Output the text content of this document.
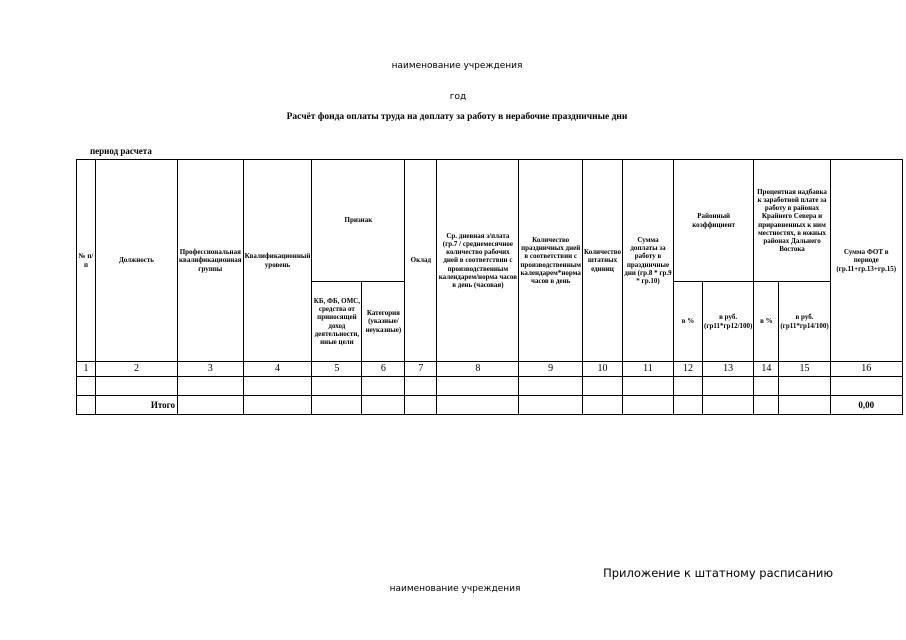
наименование учреждения
год
Расчёт фонда оплаты труда на доплату за работу в нерабочие праздничные дни
период расчета
№ п/п	Должность	Профессиональная квалификационная группы	Квалификационный уровень	Признак		Оклад	Ср. дневная з/плата (гр.7 / среднемесячное количество рабочих дней в соответствии с производственным календарем/норма часов в день (часовая)	Количество праздничных дней в соответствии с производственным календарем*норма часов в день	Количество штатных единиц	Сумма доплаты за работу в праздничные дни (гр.8 * гр.9 * гр.10)	Районный коэффициент		Процентная надбавка к заработной плате за работу в районах Крайнего Севера и приравненных к ним местностях, в южных районах Дальнего Востока		Сумма ФОТ в периоде (гр.11+гр.13+гр.15)
				КБ, ФБ, ОМС, средства от приносящей доход деятельности, иные цели	Категория (указные/неуказные)						в %	в руб. (гр11*гр12/100)	в %	в руб. (гр11*гр14/100)	
1	2	3	4	5	6	7	8	9	10	11	12	13	14	15	16

	Итого														0,00
Приложение к штатному расписанию
наименование учреждения
